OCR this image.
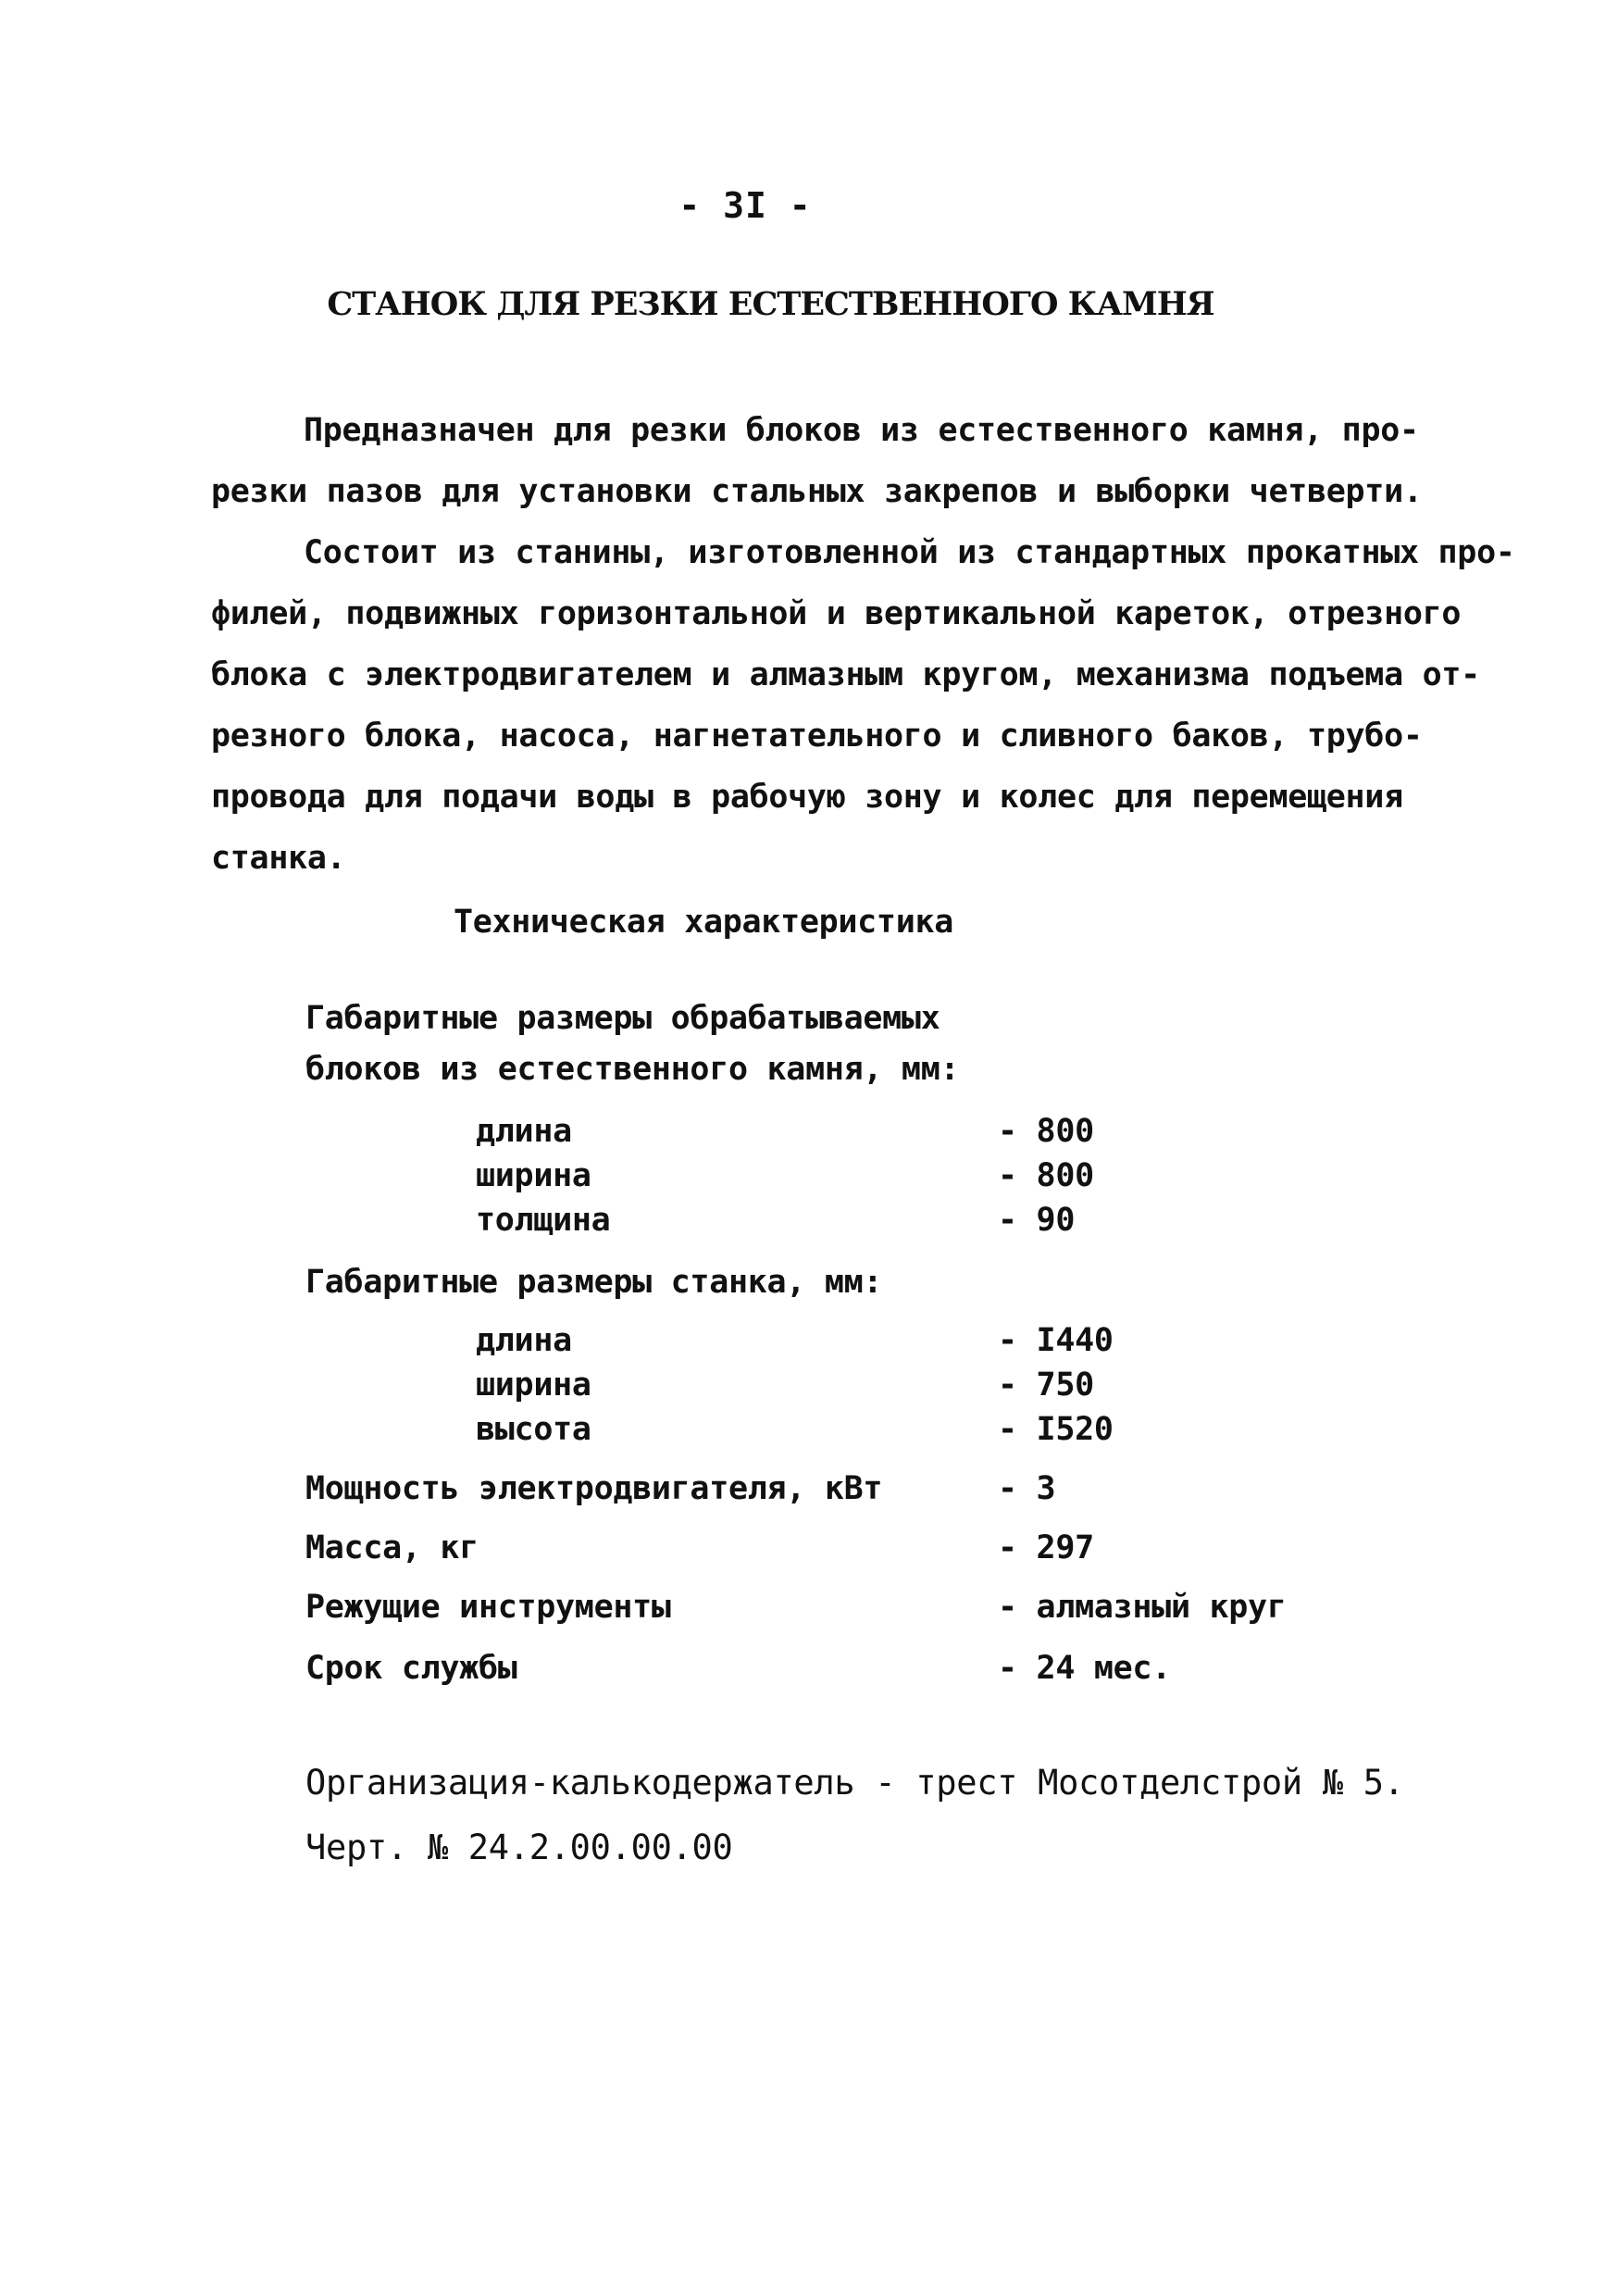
- 3I -
СТАНОК ДЛЯ РЕЗКИ ЕСТЕСТВЕННОГО КАМНЯ
Предназначен для резки блоков из естественного камня, про-
резки пазов для установки стальных закрепов и выборки четверти.
Состоит из станины, изготовленной из стандартных прокатных про-
филей, подвижных горизонтальной и вертикальной кареток, отрезного
блока с электродвигателем и алмазным кругом, механизма подъема от-
резного блока, насоса, нагнетательного и сливного баков, трубо-
провода для подачи воды в рабочую зону и колес для перемещения
станка.
Техническая характеристика
Габаритные размеры обрабатываемых
блоков из естественного камня, мм:
длина	- 800
ширина	- 800
толщина	- 90
Габаритные размеры станка, мм:
длина	- I440
ширина	- 750
высота	- I520
Мощность электродвигателя, кВт	- 3
Масса, кг	- 297
Режущие инструменты	- алмазный круг
Срок службы	- 24 мес.
Организация-калькодержатель - трест Мосотделстрой № 5.
Черт. № 24.2.00.00.00
